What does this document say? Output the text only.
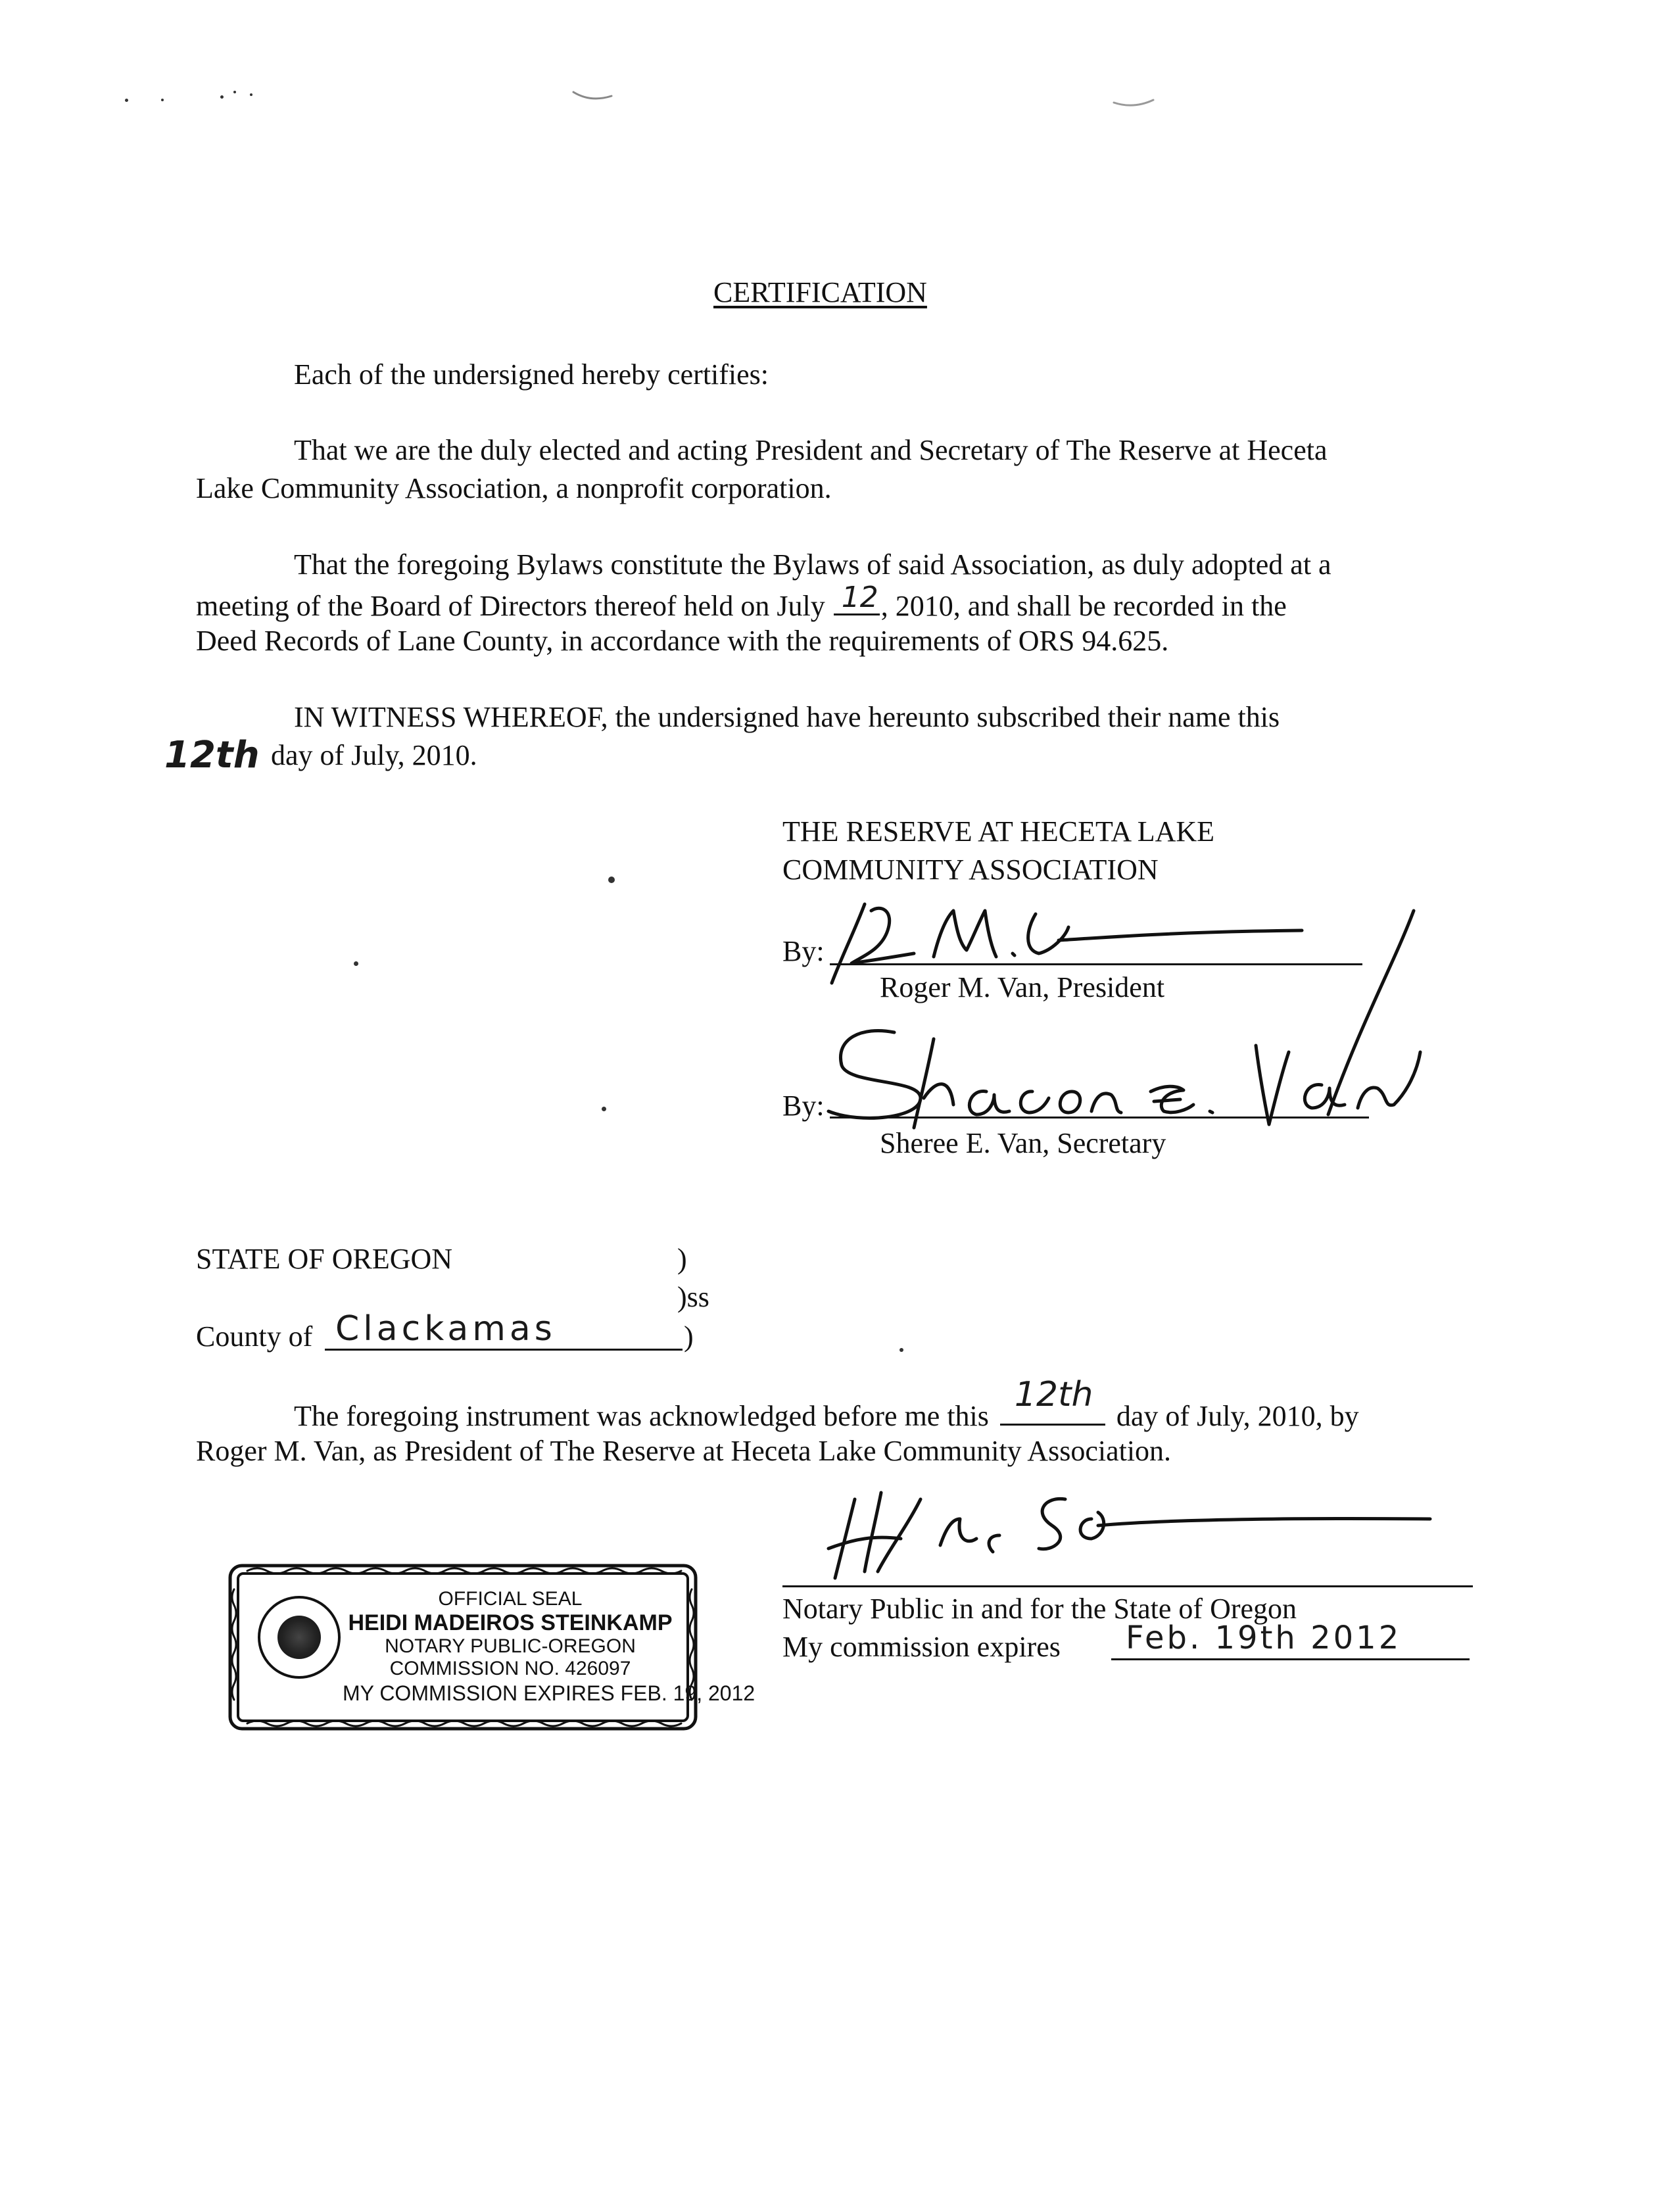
CERTIFICATION
Each of the undersigned hereby certifies:
That we are the duly elected and acting President and Secretary of The Reserve at Heceta
Lake Community Association, a nonprofit corporation.
That the foregoing Bylaws constitute the Bylaws of said Association, as duly adopted at a
meeting of the Board of Directors thereof held on July 12 , 2010, and shall be recorded in the
Deed Records of Lane County, in accordance with the requirements of ORS 94.625.
IN WITNESS WHEREOF, the undersigned have hereunto subscribed their name this
12th day of July, 2010.
THE RESERVE AT HECETA LAKE
COMMUNITY ASSOCIATION
By:
Roger M. Van, President
By:
Sheree E. Van, Secretary
STATE OF OREGON	)
)ss
County of Clackamas	)
The foregoing instrument was acknowledged before me this
12th
day of July, 2010, by
Roger M. Van, as President of The Reserve at Heceta Lake Community Association.
Notary Public in and for the State of Oregon
My commission expires Feb. 19th 2012
OFFICIAL SEAL
HEIDI MADEIROS STEINKAMP
NOTARY PUBLIC-OREGON
COMMISSION NO. 426097
MY COMMISSION EXPIRES FEB. 19, 2012
